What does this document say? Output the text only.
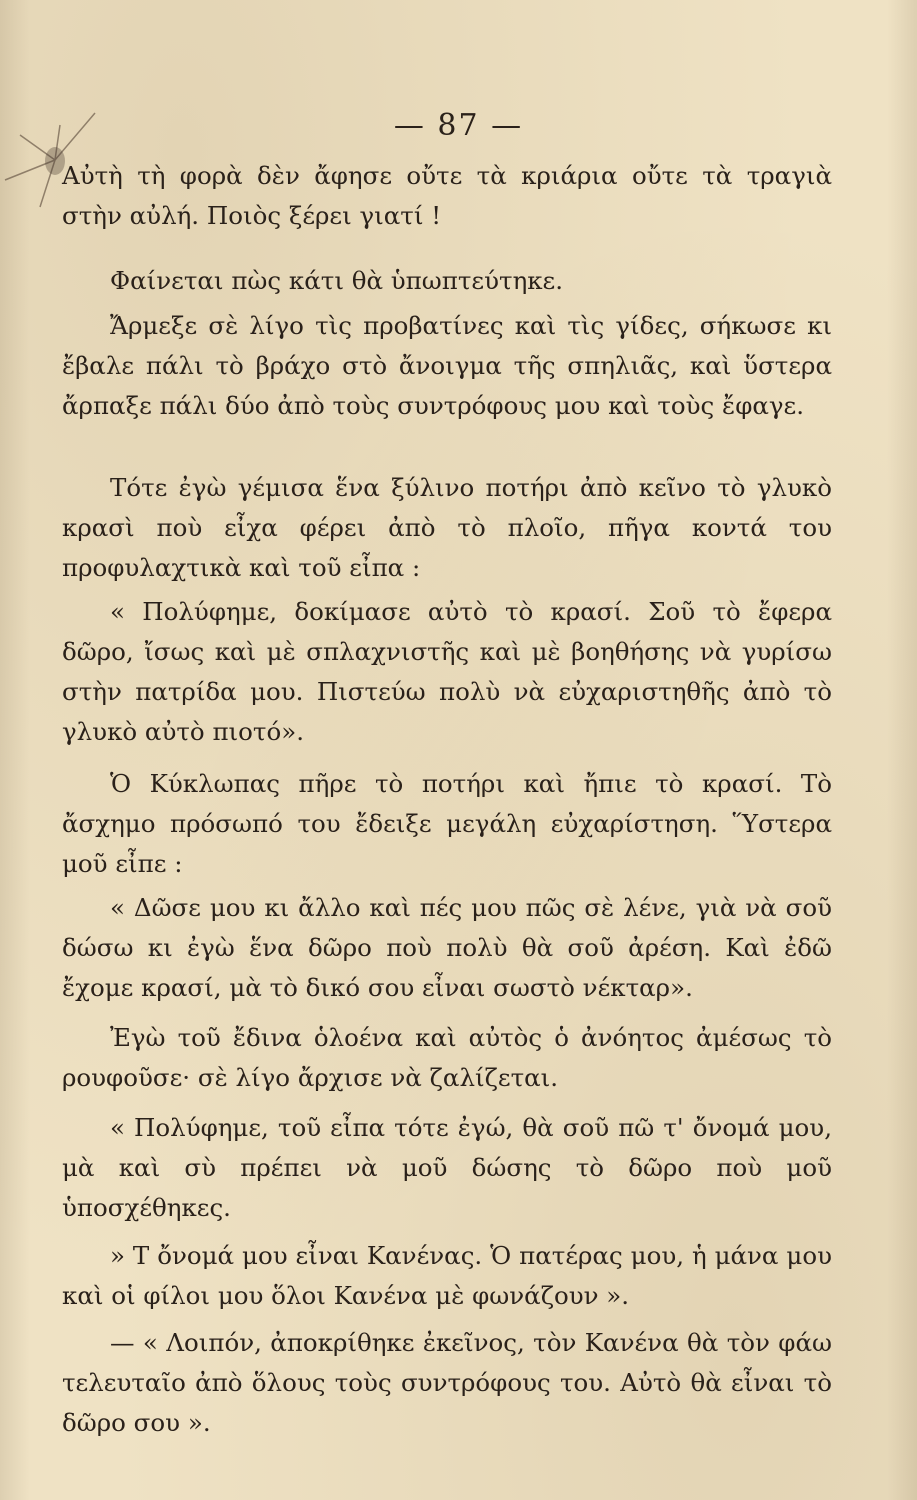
— 87 —

Αὐτὴ τὴ φορὰ δὲν ἄφησε οὔτε τὰ κριάρια οὔτε τὰ τραγιὰ στὴν αὐλή. Ποιὸς ξέρει γιατί !

Φαίνεται πὼς κάτι θὰ ὑπωπτεύτηκε.

Ἄρμεξε σὲ λίγο τὶς προβατίνες καὶ τὶς γίδες, σήκωσε κι ἔβαλε πάλι τὸ βράχο στὸ ἄνοιγμα τῆς σπηλιᾶς, καὶ ὕστερα ἄρπαξε πάλι δύο ἀπὸ τοὺς συντρόφους μου καὶ τοὺς ἔφαγε.

Τότε ἐγὼ γέμισα ἕνα ξύλινο ποτήρι ἀπὸ κεῖνο τὸ γλυκὸ κρασὶ ποὺ εἶχα φέρει ἀπὸ τὸ πλοῖο, πῆγα κοντά του προφυλαχτικὰ καὶ τοῦ εἶπα :

« Πολύφημε, δοκίμασε αὐτὸ τὸ κρασί. Σοῦ τὸ ἔφερα δῶρο, ἴσως καὶ μὲ σπλαχνιστῆς καὶ μὲ βοηθήσης νὰ γυρίσω στὴν πατρίδα μου. Πιστεύω πολὺ νὰ εὐχαριστηθῆς ἀπὸ τὸ γλυκὸ αὐτὸ πιοτό».

Ὁ Κύκλωπας πῆρε τὸ ποτήρι καὶ ἤπιε τὸ κρασί. Τὸ ἄσχημο πρόσωπό του ἔδειξε μεγάλη εὐχαρίστηση. Ὕστερα μοῦ εἶπε :

« Δῶσε μου κι ἄλλο καὶ πές μου πῶς σὲ λένε, γιὰ νὰ σοῦ δώσω κι ἐγὼ ἕνα δῶρο ποὺ πολὺ θὰ σοῦ ἀρέση. Καὶ ἐδῶ ἔχομε κρασί, μὰ τὸ δικό σου εἶναι σωστὸ νέκταρ».

Ἐγὼ τοῦ ἔδινα ὁλοένα καὶ αὐτὸς ὁ ἀνόητος ἀμέσως τὸ ρουφοῦσε· σὲ λίγο ἄρχισε νὰ ζαλίζεται.

« Πολύφημε, τοῦ εἶπα τότε ἐγώ, θὰ σοῦ πῶ τ' ὄνομά μου, μὰ καὶ σὺ πρέπει νὰ μοῦ δώσης τὸ δῶρο ποὺ μοῦ ὑποσχέθηκες.

» Τ ὄνομά μου εἶναι Κανένας. Ὁ πατέρας μου, ἡ μάνα μου καὶ οἱ φίλοι μου ὅλοι Κανένα μὲ φωνάζουν ».

— « Λοιπόν, ἀποκρίθηκε ἐκεῖνος, τὸν Κανένα θὰ τὸν φάω τελευταῖο ἀπὸ ὅλους τοὺς συντρόφους του. Αὐτὸ θὰ εἶναι τὸ δῶρο σου ».
